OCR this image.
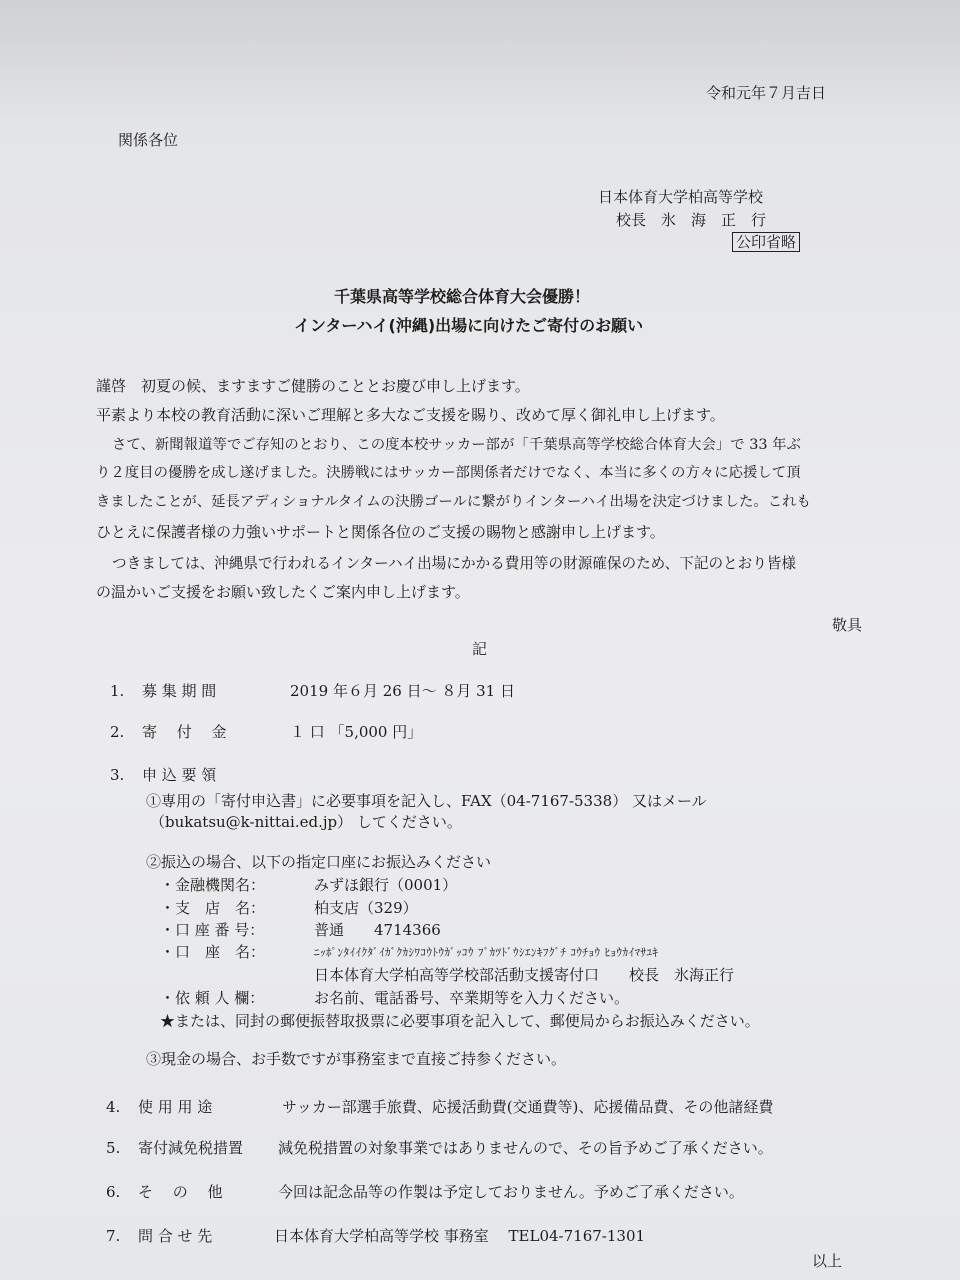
令和元年７月吉日
関係各位
日本体育大学柏高等学校
校長　氷　海　正　行
公印省略
千葉県高等学校総合体育大会優勝！
インターハイ(沖縄)出場に向けたご寄付のお願い
謹啓　初夏の候、ますますご健勝のこととお慶び申し上げます。
平素より本校の教育活動に深いご理解と多大なご支援を賜り、改めて厚く御礼申し上げます。
さて、新聞報道等でご存知のとおり、この度本校サッカー部が「千葉県高等学校総合体育大会」で 33 年ぶ
り２度目の優勝を成し遂げました。決勝戦にはサッカー部関係者だけでなく、本当に多くの方々に応援して頂
きましたことが、延長アディショナルタイムの決勝ゴールに繋がりインターハイ出場を決定づけました。これも
ひとえに保護者様の力強いサポートと関係各位のご支援の賜物と感謝申し上げます。
つきましては、沖縄県で行われるインターハイ出場にかかる費用等の財源確保のため、下記のとおり皆様
の温かいご支援をお願い致したくご案内申し上げます。
敬具
記
1. 募 集 期 間	2019 年６月 26 日～ ８月 31 日
2. 寄　 付 　金	１ 口 「5,000 円」
3. 申 込 要 領
①専用の「寄付申込書」に必要事項を記入し、FAX（04-7167-5338） 又はメール
（bukatsu@k-nittai.ed.jp） してください。
②振込の場合、以下の指定口座にお振込みください
・金融機関名：	みずほ銀行（0001）
・支　店　名：	柏支店（329）
・口 座 番 号：	普通　　4714366
・口　座　名：	ﾆｯﾎﾟﾝﾀｲｲｸﾀﾞｲｶﾞｸｶｼﾜｺｳﾄｳｶﾞｯｺｳ ﾌﾞｶﾂﾄﾞｳｼｴﾝｷﾌｸﾞﾁ ｺｳﾁｮｳ ﾋｮｳｶｲﾏｻﾕｷ
日本体育大学柏高等学校部活動支援寄付口　　校長　氷海正行
・依 頼 人 欄：	お名前、電話番号、卒業期等を入力ください。
★または、同封の郵便振替取扱票に必要事項を記入して、郵便局からお振込みください。
③現金の場合、お手数ですが事務室まで直接ご持参ください。
4. 使 用 用 途	サッカー部選手旅費、応援活動費(交通費等)、応援備品費、その他諸経費
5. 寄付減免税措置 減免税措置の対象事業ではありませんので、その旨予めご了承ください。
6. そ　 の　 他	今回は記念品等の作製は予定しておりません。予めご了承ください。
7. 問 合 せ 先	日本体育大学柏高等学校 事務室　 TEL04-7167-1301
以上
